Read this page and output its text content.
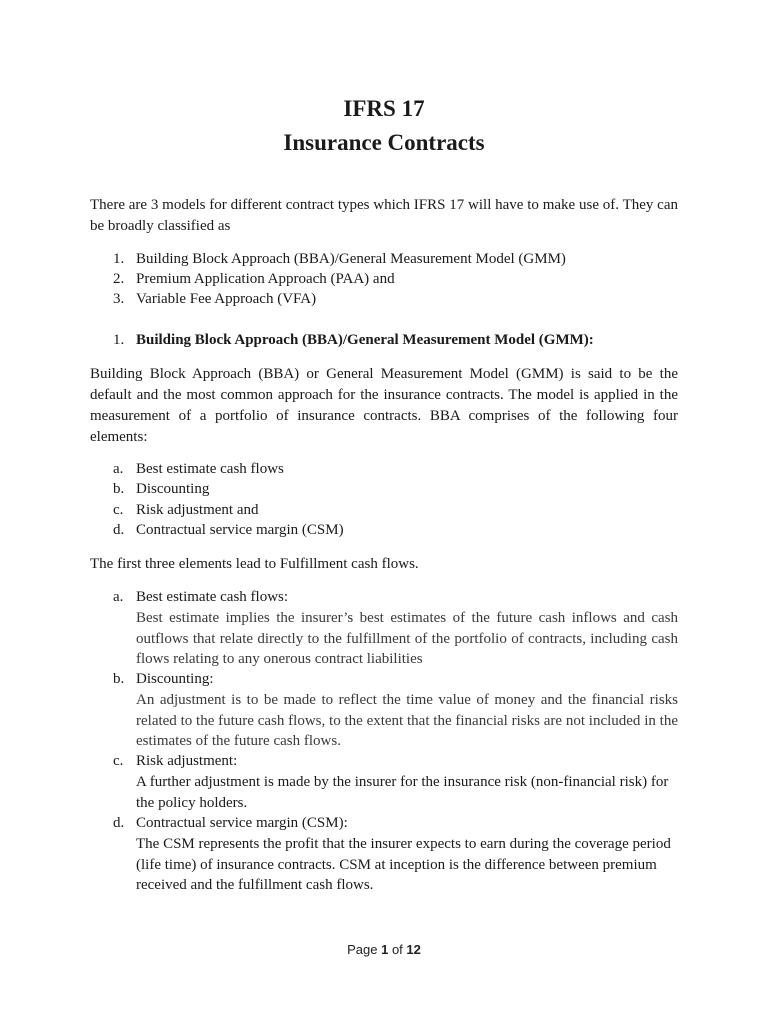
IFRS 17
Insurance Contracts
There are 3 models for different contract types which IFRS 17 will have to make use of. They can be broadly classified as
1. Building Block Approach (BBA)/General Measurement Model (GMM)
2. Premium Application Approach (PAA) and
3. Variable Fee Approach (VFA)
1. Building Block Approach (BBA)/General Measurement Model (GMM):
Building Block Approach (BBA) or General Measurement Model (GMM) is said to be the default and the most common approach for the insurance contracts. The model is applied in the measurement of a portfolio of insurance contracts. BBA comprises of the following four elements:
a. Best estimate cash flows
b. Discounting
c. Risk adjustment and
d. Contractual service margin (CSM)
The first three elements lead to Fulfillment cash flows.
a. Best estimate cash flows:
Best estimate implies the insurer’s best estimates of the future cash inflows and cash outflows that relate directly to the fulfillment of the portfolio of contracts, including cash flows relating to any onerous contract liabilities
b. Discounting:
An adjustment is to be made to reflect the time value of money and the financial risks related to the future cash flows, to the extent that the financial risks are not included in the estimates of the future cash flows.
c. Risk adjustment:
A further adjustment is made by the insurer for the insurance risk (non-financial risk) for the policy holders.
d. Contractual service margin (CSM):
The CSM represents the profit that the insurer expects to earn during the coverage period (life time) of insurance contracts. CSM at inception is the difference between premium received and the fulfillment cash flows.
Page 1 of 12
